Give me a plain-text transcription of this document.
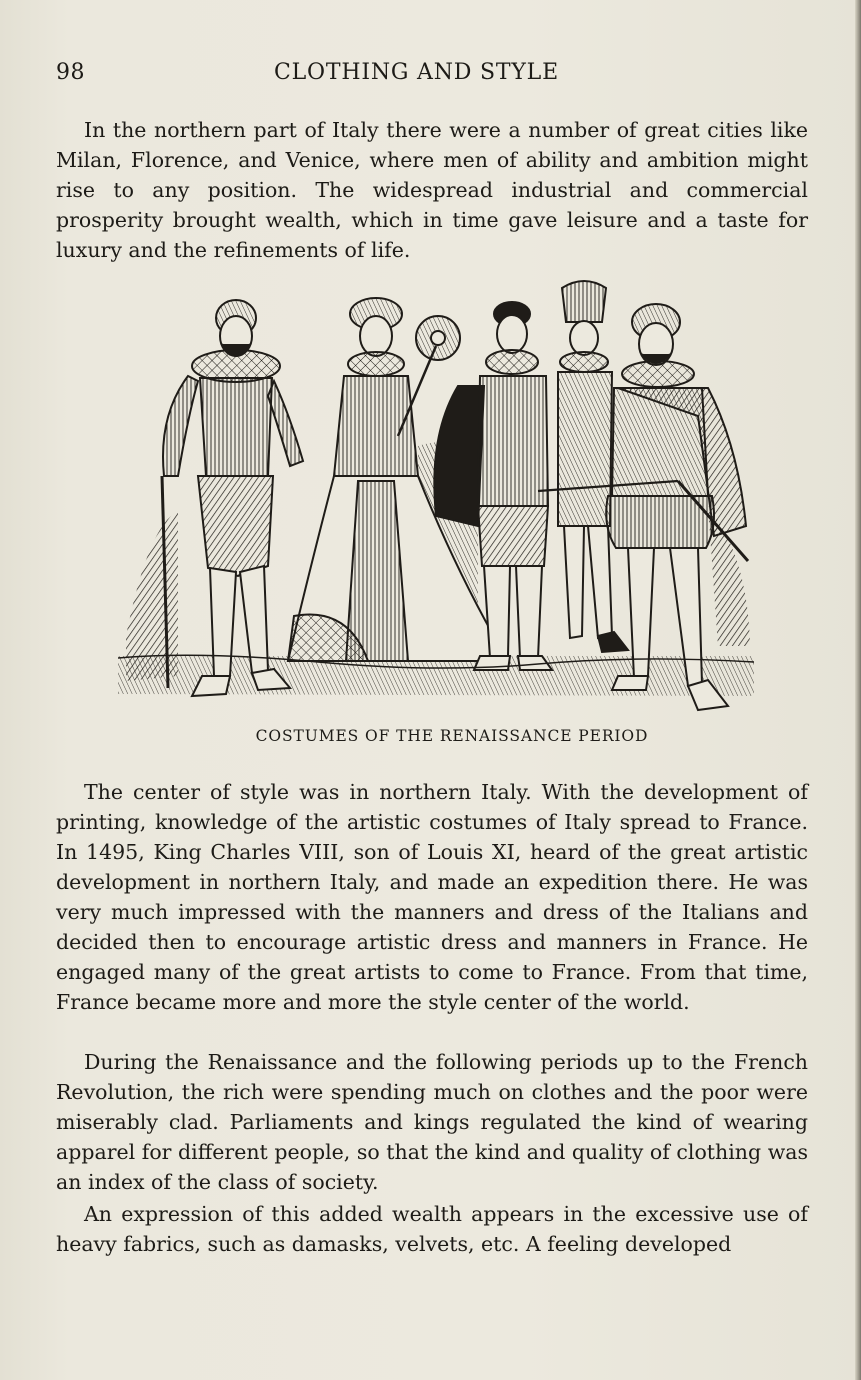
98	CLOTHING AND STYLE

In the northern part of Italy there were a number of great cities like Milan, Florence, and Venice, where men of ability and ambition might rise to any position. The widespread industrial and commercial prosperity brought wealth, which in time gave leisure and a taste for luxury and the refinements of life.

COSTUMES OF THE RENAISSANCE PERIOD

The center of style was in northern Italy. With the development of printing, knowledge of the artistic costumes of Italy spread to France. In 1495, King Charles VIII, son of Louis XI, heard of the great artistic development in northern Italy, and made an expedition there. He was very much impressed with the manners and dress of the Italians and decided then to encourage artistic dress and manners in France. He engaged many of the great artists to come to France. From that time, France became more and more the style center of the world.

During the Renaissance and the following periods up to the French Revolution, the rich were spending much on clothes and the poor were miserably clad. Parliaments and kings regulated the kind of wearing apparel for different people, so that the kind and quality of clothing was an index of the class of society.

An expression of this added wealth appears in the excessive use of heavy fabrics, such as damasks, velvets, etc. A feeling developed
